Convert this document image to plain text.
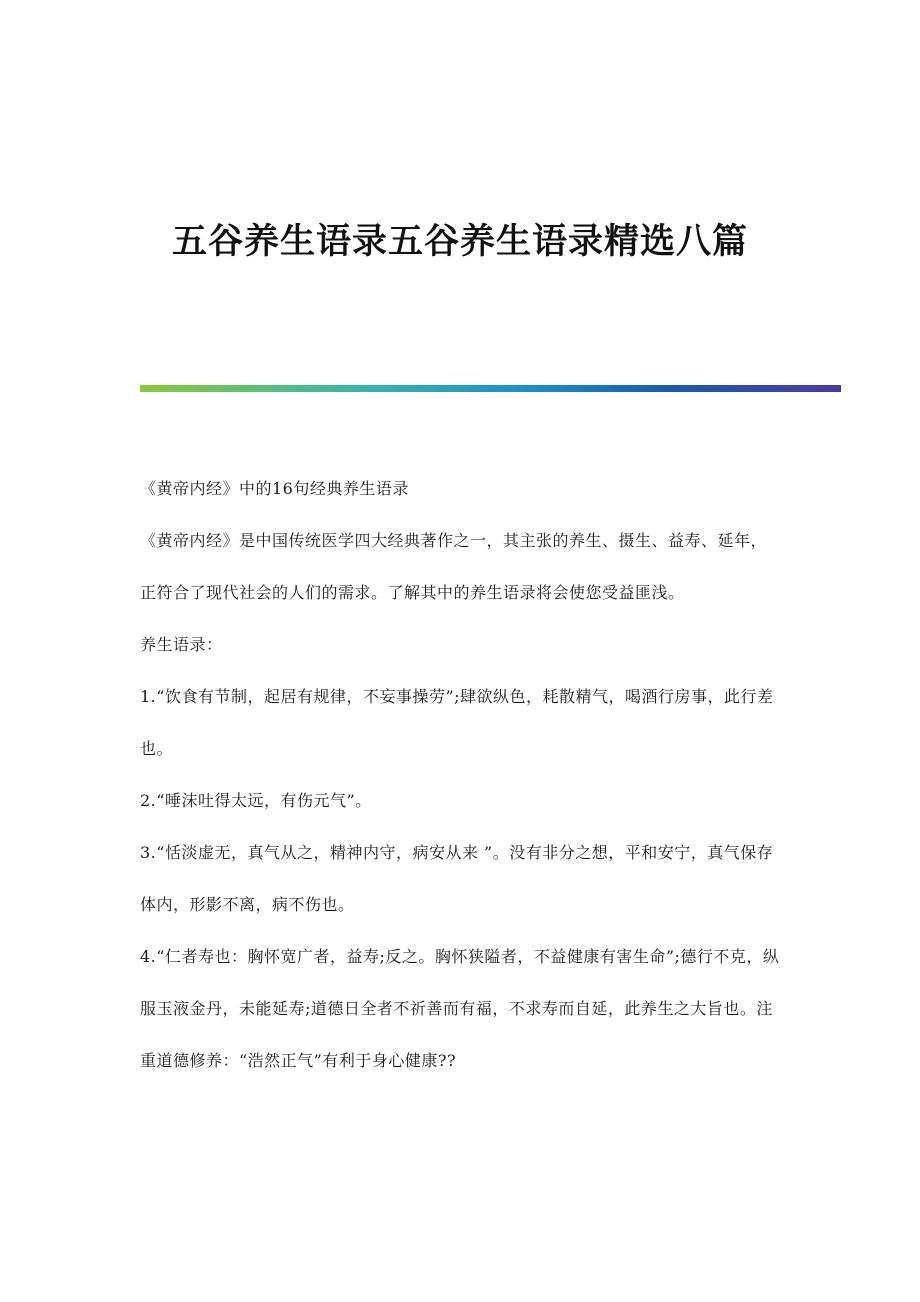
五谷养生语录五谷养生语录精选八篇

《黄帝内经》中的16句经典养生语录

《黄帝内经》是中国传统医学四大经典著作之一，其主张的养生、摄生、益寿、延年，正符合了现代社会的人们的需求。了解其中的养生语录将会使您受益匪浅。

养生语录：

1.“饮食有节制，起居有规律，不妄事操劳”;肆欲纵色，耗散精气，喝酒行房事，此行差也。

2.“唾沫吐得太远，有伤元气”。

3.“恬淡虚无，真气从之，精神内守，病安从来 ”。没有非分之想，平和安宁，真气保存体内，形影不离，病不伤也。

4.“仁者寿也：胸怀宽广者，益寿;反之。胸怀狭隘者，不益健康有害生命”;德行不克，纵服玉液金丹，未能延寿;道德日全者不祈善而有福，不求寿而自延，此养生之大旨也。注重道德修养：“浩然正气”有利于身心健康??
